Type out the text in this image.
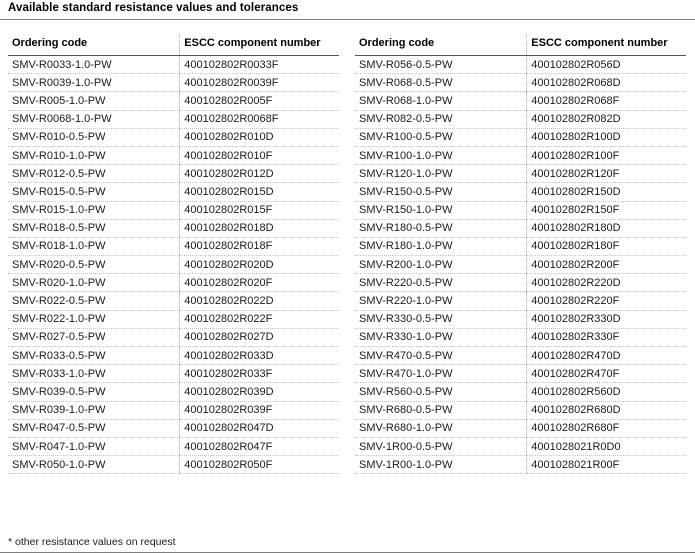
Available standard resistance values and tolerances
Ordering code	ESCC component number
SMV-R0033-1.0-PW	400102802R0033F
SMV-R0039-1.0-PW	400102802R0039F
SMV-R005-1.0-PW	400102802R005F
SMV-R0068-1.0-PW	400102802R0068F
SMV-R010-0.5-PW	400102802R010D
SMV-R010-1.0-PW	400102802R010F
SMV-R012-0.5-PW	400102802R012D
SMV-R015-0.5-PW	400102802R015D
SMV-R015-1.0-PW	400102802R015F
SMV-R018-0.5-PW	400102802R018D
SMV-R018-1.0-PW	400102802R018F
SMV-R020-0.5-PW	400102802R020D
SMV-R020-1.0-PW	400102802R020F
SMV-R022-0.5-PW	400102802R022D
SMV-R022-1.0-PW	400102802R022F
SMV-R027-0.5-PW	400102802R027D
SMV-R033-0.5-PW	400102802R033D
SMV-R033-1.0-PW	400102802R033F
SMV-R039-0.5-PW	400102802R039D
SMV-R039-1.0-PW	400102802R039F
SMV-R047-0.5-PW	400102802R047D
SMV-R047-1.0-PW	400102802R047F
SMV-R050-1.0-PW	400102802R050F
Ordering code	ESCC component number
SMV-R056-0.5-PW	400102802R056D
SMV-R068-0.5-PW	400102802R068D
SMV-R068-1.0-PW	400102802R068F
SMV-R082-0.5-PW	400102802R082D
SMV-R100-0.5-PW	400102802R100D
SMV-R100-1.0-PW	400102802R100F
SMV-R120-1.0-PW	400102802R120F
SMV-R150-0.5-PW	400102802R150D
SMV-R150-1.0-PW	400102802R150F
SMV-R180-0.5-PW	400102802R180D
SMV-R180-1.0-PW	400102802R180F
SMV-R200-1.0-PW	400102802R200F
SMV-R220-0.5-PW	400102802R220D
SMV-R220-1.0-PW	400102802R220F
SMV-R330-0.5-PW	400102802R330D
SMV-R330-1.0-PW	400102802R330F
SMV-R470-0.5-PW	400102802R470D
SMV-R470-1.0-PW	400102802R470F
SMV-R560-0.5-PW	400102802R560D
SMV-R680-0.5-PW	400102802R680D
SMV-R680-1.0-PW	400102802R680F
SMV-1R00-0.5-PW	4001028021R0D0
SMV-1R00-1.0-PW	4001028021R00F
* other resistance values on request
